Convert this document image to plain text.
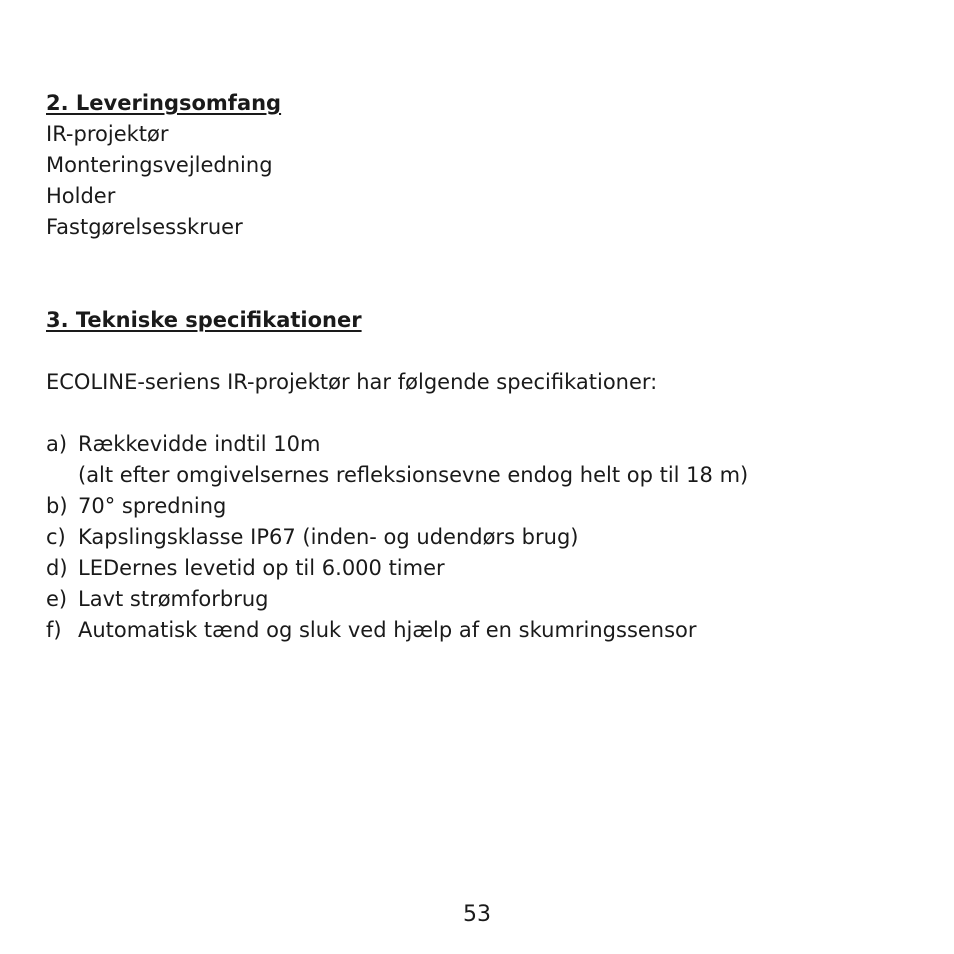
2. Leveringsomfang

IR-projektør

Monteringsvejledning

Holder

Fastgørelsesskruer

3. Tekniske specifikationer

ECOLINE-seriens IR-projektør har følgende specifikationer:

a) Rækkevidde indtil 10m
(alt efter omgivelsernes refleksionsevne endog helt op til 18 m)
b) 70° spredning
c) Kapslingsklasse IP67 (inden- og udendørs brug)
d) LEDernes levetid op til 6.000 timer
e) Lavt strømforbrug
f) Automatisk tænd og sluk ved hjælp af en skumringssensor
53
